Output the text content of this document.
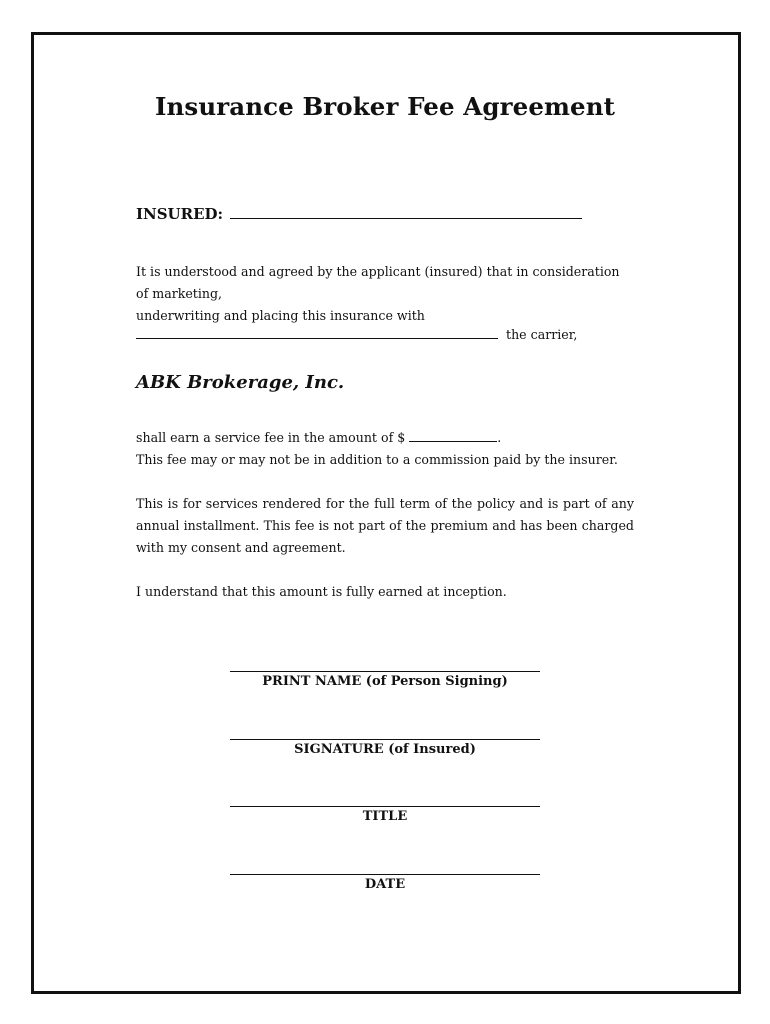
Insurance Broker Fee Agreement
INSURED:
It is understood and agreed by the applicant (insured) that in consideration of marketing,
underwriting and placing this insurance with
the carrier,
ABK Brokerage, Inc.
shall earn a service fee in the amount of $	.
This fee may or may not be in addition to a commission paid by the insurer.
This is for services rendered for the full term of the policy and is part of any annual installment. This fee is not part of the premium and has been charged with my consent and agreement.
I understand that this amount is fully earned at inception.
PRINT NAME (of Person Signing)
SIGNATURE (of Insured)
TITLE
DATE
